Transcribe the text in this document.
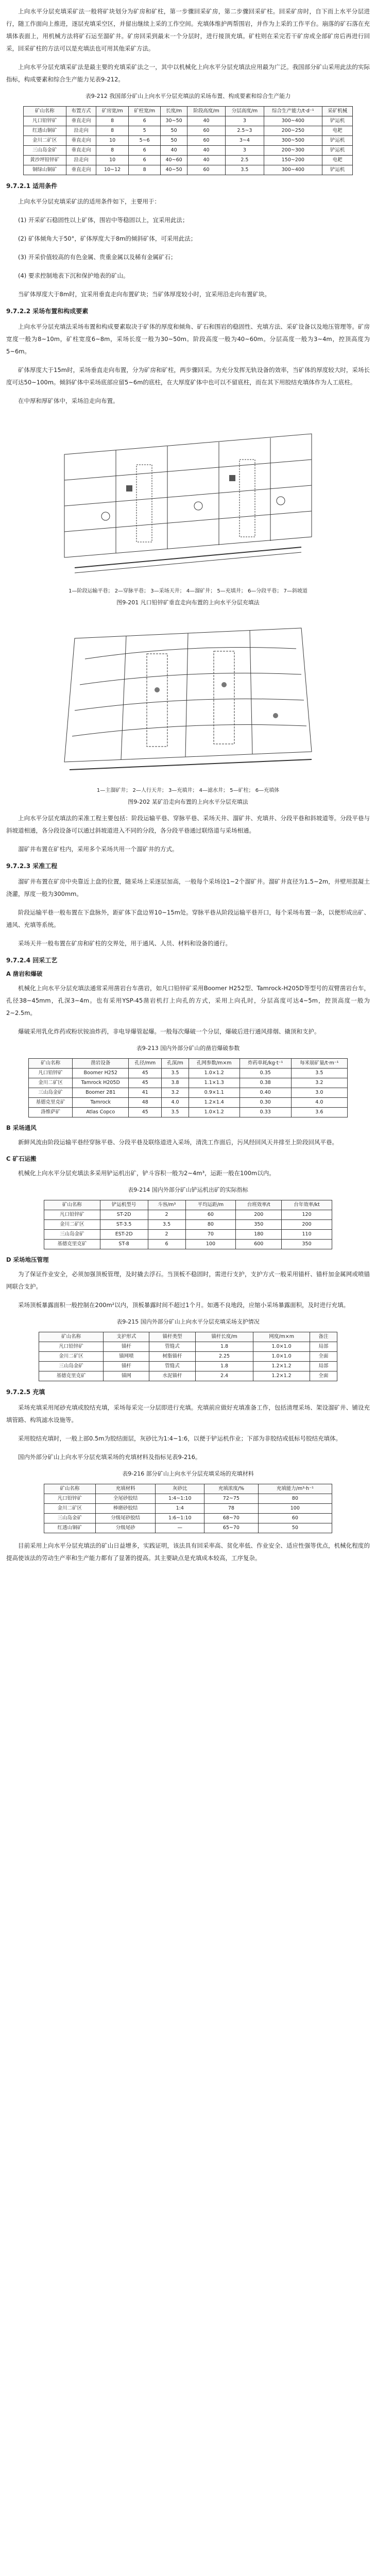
上向水平分层充填采矿法一般将矿块划分为矿房和矿柱，第一步骤回采矿房，第二步骤回采矿柱。回采矿房时，自下而上水平分层进行，随工作面向上推进，逐层充填采空区，并留出继续上采的工作空间。充填体维护两帮围岩，并作为上采的工作平台。崩落的矿石落在充填体表面上，用机械方法将矿石运至溜矿井。矿房回采到最末一个分层时，进行接顶充填。矿柱则在采完若干矿房或全部矿房后再进行回采，回采矿柱的方法可以是充填法也可用其他采矿方法。

上向水平分层充填采矿法是最主要的充填采矿法之一，其中以机械化上向水平分层充填法应用最为广泛。我国部分矿山采用此法的实际指标，构成要素和综合生产能力见表9-212。

表9-212 我国部分矿山上向水平分层充填法的采场布置、构成要素和综合生产能力
矿山名称	布置方式	矿房宽/m	矿柱宽/m	长度/m	阶段高度/m	分层高度/m	综合生产能力/t·d⁻¹	采矿机械
凡口铅锌矿	垂直走向	8	6	30~50	40	3	300~400	铲运机
红透山铜矿	沿走向	8	5	50	60	2.5~3	200~250	电耙
金川二矿区	垂直走向	10	5~6	50	60	3~4	300~500	铲运机
三山岛金矿	垂直走向	8	6	40	40	3	200~300	铲运机
黄沙坪铅锌矿	沿走向	10	6	40~60	40	2.5	150~200	电耙
铜绿山铜矿	垂直走向	10~12	8	40~50	60	3.5	300~400	铲运机
9.7.2.1 适用条件

上向水平分层充填采矿法的适用条件如下，主要用于：

(1) 开采矿石稳固性以上矿体，围岩中等稳固以上，宜采用此法；

(2) 矿体倾角大于50°，矿体厚度大于8m的倾斜矿体，可采用此法；

(3) 开采价值较高的有色金属、贵重金属以及稀有金属矿石；

(4) 要求控制地表下沉和保护地表的矿山。

当矿体厚度大于8m时，宜采用垂直走向布置矿块；当矿体厚度较小时，宜采用沿走向布置矿块。

9.7.2.2 采场布置和构成要素

上向水平分层充填法采场布置和构成要素取决于矿体的厚度和倾角、矿石和围岩的稳固性、充填方法、采矿设备以及地压管理等。矿房宽度一般为8~10m，矿柱宽度6~8m，采场长度一般为30~50m。阶段高度一般为40~60m。分层高度一般为3~4m，控顶高度为5~6m。

矿体厚度大于15m时，采场垂直走向布置，分为矿房和矿柱，两步骤回采。为充分发挥无轨设备的效率，当矿体的厚度较大时，采场长度可达50~100m。倾斜矿体中采场底部应留5~6m的底柱，在大厚度矿体中也可以不留底柱，而在其下用胶结充填体作为人工底柱。

在中厚和厚矿体中，采场沿走向布置。

1—阶段运输平巷； 2—穿脉平巷； 3—采场天井； 4—溜矿井； 5—充填井； 6—分段平巷； 7—斜坡道
图9-201 凡口铅锌矿垂直走向布置的上向水平分层充填法
1—主溜矿井； 2—人行天井； 3—充填井； 4—滤水井； 5—矿柱； 6—充填体
图9-202 某矿沿走向布置的上向水平分层充填法

上向水平分层充填法的采准工程主要包括：阶段运输平巷、穿脉平巷、采场天井、溜矿井、充填井、分段平巷和斜坡道等。分段平巷与斜坡道相通，各分段设备可以通过斜坡道进入不同的分段，各分段平巷通过联络道与采场相通。

溜矿井布置在矿柱内，采用多个采场共用一个溜矿井的方式。

9.7.2.3 采准工程

溜矿井布置在矿房中央靠近上盘的位置，随采场上采逐层加高，一般每个采场设1~2个溜矿井。溜矿井直径为1.5~2m，井壁用混凝土浇灌，厚度一般为300mm。

阶段运输平巷一般布置在下盘脉外，距矿体下盘边界10~15m处。穿脉平巷从阶段运输平巷开口，每个采场布置一条，以便形成出矿、通风、充填等系统。

采场天井一般布置在矿房和矿柱的交界处，用于通风、人员、材料和设备的通行。

9.7.2.4 回采工艺
A 凿岩和爆破

机械化上向水平分层充填法通常采用凿岩台车凿岩，如凡口铅锌矿采用Boomer H252型、Tamrock-H205D等型号的双臂凿岩台车，孔径38~45mm，孔深3~4m。也有采用YSP-45凿岩机打上向孔的方式，采用上向孔时，分层高度可达4~5m，控顶高度一般为2~2.5m。

爆破采用乳化炸药或粉状铵油炸药，非电导爆管起爆。一般每次爆破一个分层，爆破后进行通风排烟、撬顶和支护。

表9-213 国内外部分矿山的凿岩爆破参数
矿山名称	凿岩设备	孔径/mm	孔深/m	孔网参数/m×m	炸药单耗/kg·t⁻¹	每米崩矿量/t·m⁻¹
凡口铅锌矿	Boomer H252	45	3.5	1.0×1.2	0.35	3.5
金川二矿区	Tamrock H205D	45	3.8	1.1×1.3	0.38	3.2
三山岛金矿	Boomer 281	41	3.2	0.9×1.1	0.40	3.0
基德克里克矿	Tamrock	48	4.0	1.2×1.4	0.30	4.0
洛维萨矿	Atlas Copco	45	3.5	1.0×1.2	0.33	3.6
B 采场通风

新鲜风流由阶段运输平巷经穿脉平巷、分段平巷及联络道进入采场，清洗工作面后，污风经回风天井排至上阶段回风平巷。

C 矿石运搬

机械化上向水平分层充填法多采用铲运机出矿，铲斗容积一般为2~4m³，运距一般在100m以内。

表9-214 国内外部分矿山铲运机出矿的实际指标
矿山名称	铲运机型号	斗容/m³	平均运距/m	台班效率/t	台年效率/kt
凡口铅锌矿	ST-2D	2	60	200	120
金川二矿区	ST-3.5	3.5	80	350	200
三山岛金矿	EST-2D	2	70	180	110
基德克里克矿	ST-8	6	100	600	350
D 采场地压管理

为了保证作业安全，必须加强顶板管理，及时撬去浮石。当顶板不稳固时，需进行支护，支护方式一般采用锚杆、锚杆加金属网或喷锚网联合支护。

采场顶板暴露面积一般控制在200m²以内，顶板暴露时间不超过1个月。如遇不良地段，应缩小采场暴露面积，及时进行充填。

表9-215 国内外部分矿山上向水平分层充填采场支护情况
矿山名称	支护形式	锚杆类型	锚杆长度/m	网度/m×m	备注
凡口铅锌矿	锚杆	管缝式	1.8	1.0×1.0	局部
金川二矿区	锚网喷	树脂锚杆	2.25	1.0×1.0	全面
三山岛金矿	锚杆	管缝式	1.8	1.2×1.2	局部
基德克里克矿	锚网	水泥锚杆	2.4	1.2×1.2	全面
9.7.2.5 充填

采场充填采用尾砂充填或胶结充填，采场每采完一分层即进行充填。充填前应做好充填准备工作，包括清理采场、架设溜矿井、铺设充填管路、构筑滤水设施等。

采用胶结充填时，一般上部0.5m为胶结面层，灰砂比为1:4~1:6，以便于铲运机作业；下部为非胶结或低标号胶结充填体。

国内外部分矿山上向水平分层充填采场的充填材料及指标见表9-216。

表9-216 部分矿山上向水平分层充填采场的充填材料
矿山名称	充填材料	灰砂比	充填浓度/%	充填能力/m³·h⁻¹
凡口铅锌矿	全尾砂胶结	1:4~1:10	72~75	80
金川二矿区	棒磨砂胶结	1:4	78	100
三山岛金矿	分级尾砂胶结	1:6~1:10	68~70	60
红透山铜矿	分级尾砂	—	65~70	50

目前采用上向水平分层充填法的矿山日益增多，实践证明，该法具有回采率高、贫化率低、作业安全、适应性强等优点，机械化程度的提高使该法的劳动生产率和生产能力都有了显著的提高。其主要缺点是充填成本较高，工序复杂。
